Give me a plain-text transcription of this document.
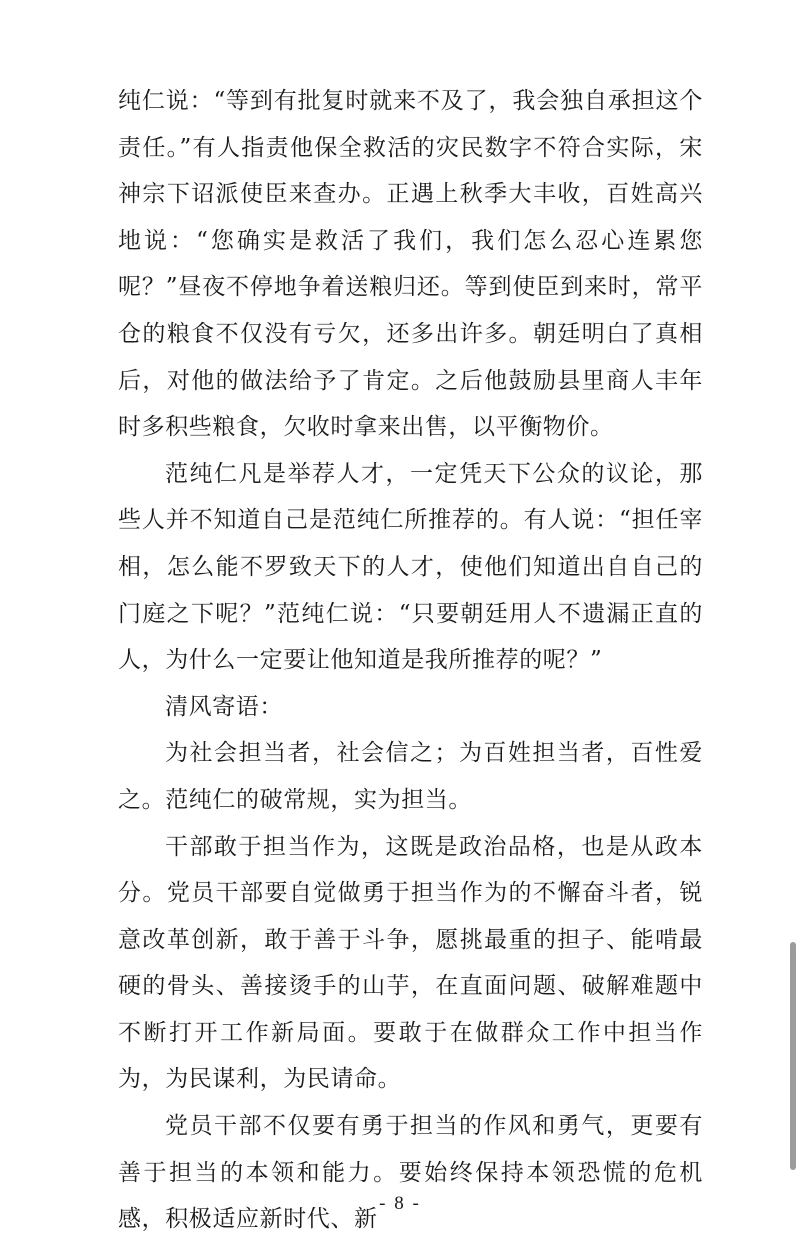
纯仁说：“等到有批复时就来不及了，我会独自承担这个责任。”有人指责他保全救活的灾民数字不符合实际，宋神宗下诏派使臣来查办。正遇上秋季大丰收，百姓高兴地说：“您确实是救活了我们，我们怎么忍心连累您呢？”昼夜不停地争着送粮归还。等到使臣到来时，常平仓的粮食不仅没有亏欠，还多出许多。朝廷明白了真相后，对他的做法给予了肯定。之后他鼓励县里商人丰年时多积些粮食，欠收时拿来出售，以平衡物价。

范纯仁凡是举荐人才，一定凭天下公众的议论，那些人并不知道自己是范纯仁所推荐的。有人说：“担任宰相，怎么能不罗致天下的人才，使他们知道出自自己的门庭之下呢？”范纯仁说：“只要朝廷用人不遗漏正直的人，为什么一定要让他知道是我所推荐的呢？”

清风寄语：

为社会担当者，社会信之；为百姓担当者，百性爱之。范纯仁的破常规，实为担当。

干部敢于担当作为，这既是政治品格，也是从政本分。党员干部要自觉做勇于担当作为的不懈奋斗者，锐意改革创新，敢于善于斗争，愿挑最重的担子、能啃最硬的骨头、善接烫手的山芋，在直面问题、破解难题中不断打开工作新局面。要敢于在做群众工作中担当作为，为民谋利，为民请命。

党员干部不仅要有勇于担当的作风和勇气，更要有善于担当的本领和能力。要始终保持本领恐慌的危机感，积极适应新时代、新

- 8 -
